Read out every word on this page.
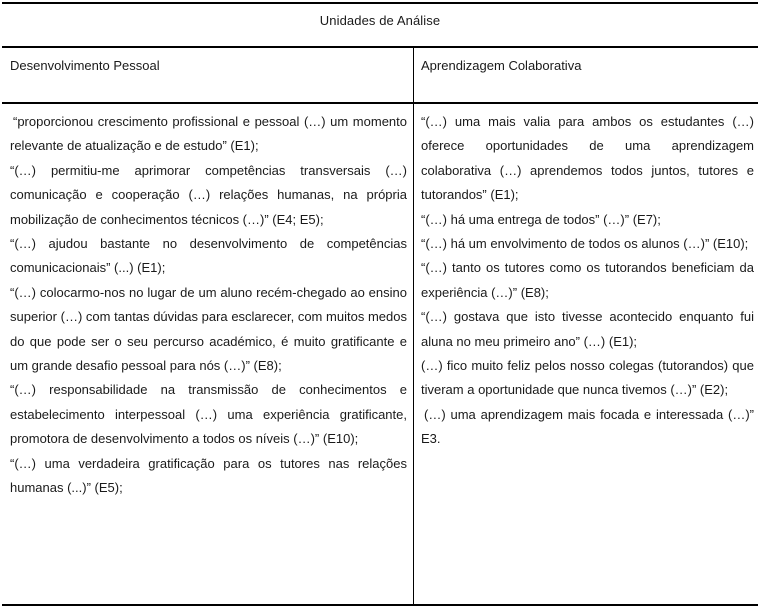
Unidades de Análise
Desenvolvimento Pessoal	Aprendizagem Colaborativa

“proporcionou crescimento profissional e pessoal (…) um momento relevante de atualização e de estudo” (E1);

“(…) permitiu-me aprimorar competências transversais (…) comunicação e cooperação (…) relações humanas, na própria mobilização de conhecimentos técnicos (…)” (E4; E5);

“(…) ajudou bastante no desenvolvimento de competências comunicacionais” (...) (E1);

“(…) colocarmo-nos no lugar de um aluno recém-chegado ao ensino superior (…) com tantas dúvidas para esclarecer, com muitos medos do que pode ser o seu percurso académico, é muito gratificante e um grande desafio pessoal para nós (…)” (E8);

“(…) responsabilidade na transmissão de conhecimentos e estabelecimento interpessoal (…) uma experiência gratificante, promotora de desenvolvimento a todos os níveis (…)” (E10);

“(…) uma verdadeira gratificação para os tutores nas relações humanas (...)” (E5);

“(…) uma mais valia para ambos os estudantes (…) oferece oportunidades de uma aprendizagem colaborativa (…) aprendemos todos juntos, tutores e tutorandos” (E1);

“(…) há uma entrega de todos” (…)” (E7);

“(…) há um envolvimento de todos os alunos (…)” (E10);

“(…) tanto os tutores como os tutorandos beneficiam da experiência (…)” (E8);

“(…) gostava que isto tivesse acontecido enquanto fui aluna no meu primeiro ano” (…) (E1);

(…) fico muito feliz pelos nosso colegas (tutorandos) que tiveram a oportunidade que nunca tivemos (…)” (E2);

(…) uma aprendizagem mais focada e interessada (…)” E3.
